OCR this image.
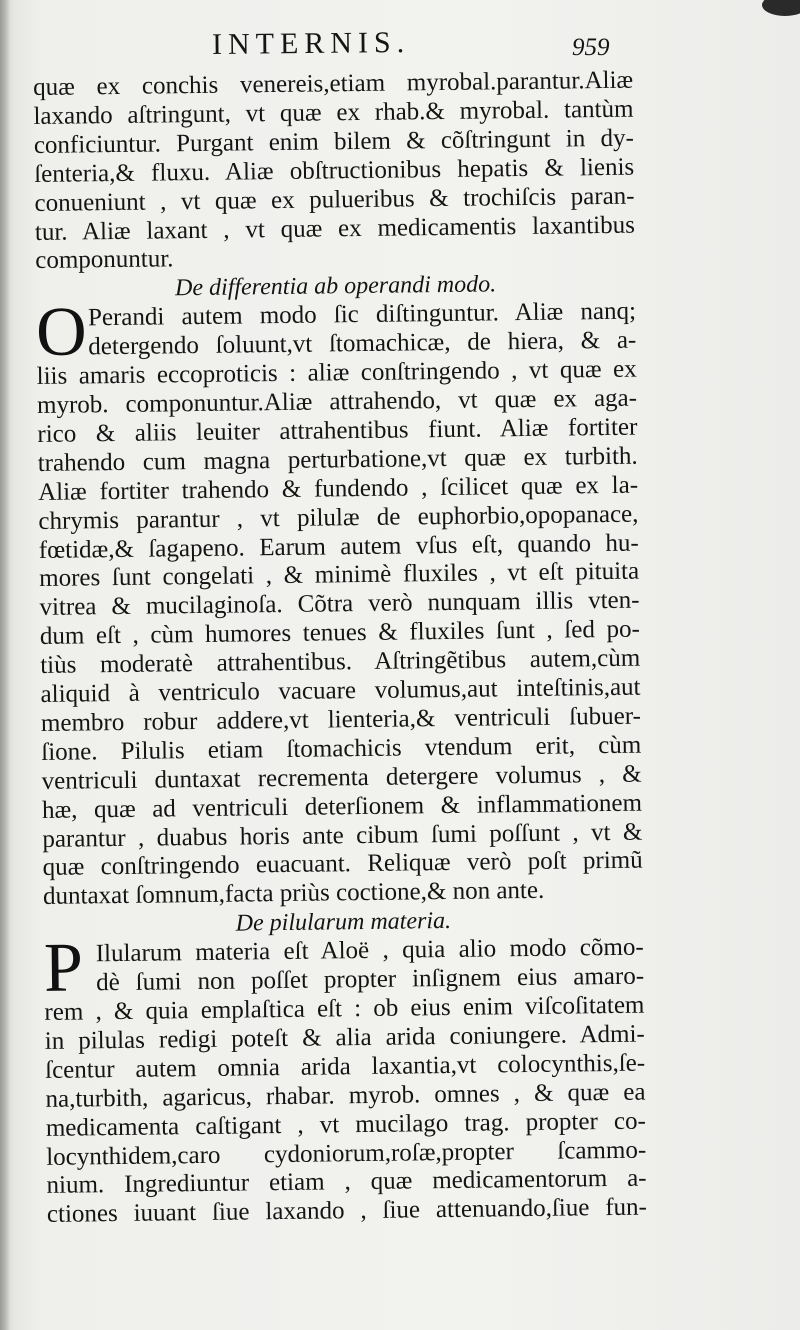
INTERNIS.	959
quæ ex conchis venereis,etiam myrobal.parantur.Aliæ
laxando aſtringunt, vt quæ ex rhab.& myrobal. tantùm
conficiuntur. Purgant enim bilem & cõſtringunt in dy-
ſenteria,& fluxu. Aliæ obſtructionibus hepatis & lienis
conueniunt , vt quæ ex pulueribus & trochiſcis paran-
tur. Aliæ laxant , vt quæ ex medicamentis laxantibus
componuntur.
De differentia ab operandi modo.
O Perandi autem modo ſic diſtinguntur. Aliæ nanq;
detergendo ſoluunt,vt ſtomachicæ, de hiera, & a-
liis amaris eccoproticis : aliæ conſtringendo , vt quæ ex
myrob. componuntur.Aliæ attrahendo, vt quæ ex aga-
rico & aliis leuiter attrahentibus fiunt. Aliæ fortiter
trahendo cum magna perturbatione,vt quæ ex turbith.
Aliæ fortiter trahendo & fundendo , ſcilicet quæ ex la-
chrymis parantur , vt pilulæ de euphorbio,opopanace,
fœtidæ,& ſagapeno. Earum autem vſus eſt, quando hu-
mores ſunt congelati , & minimè fluxiles , vt eſt pituita
vitrea & mucilaginoſa. Cõtra verò nunquam illis vten-
dum eſt , cùm humores tenues & fluxiles ſunt , ſed po-
tiùs moderatè attrahentibus. Aſtringẽtibus autem,cùm
aliquid à ventriculo vacuare volumus,aut inteſtinis,aut
membro robur addere,vt lienteria,& ventriculi ſubuer-
ſione. Pilulis etiam ſtomachicis vtendum erit, cùm
ventriculi duntaxat recrementa detergere volumus , &
hæ, quæ ad ventriculi deterſionem & inflammationem
parantur , duabus horis ante cibum ſumi poſſunt , vt &
quæ conſtringendo euacuant. Reliquæ verò poſt primũ
duntaxat ſomnum,facta priùs coctione,& non ante.
De pilularum materia.
P Ilularum materia eſt Aloë , quia alio modo cõmo-
dè ſumi non poſſet propter inſignem eius amaro-
rem , & quia emplaſtica eſt : ob eius enim viſcoſitatem
in pilulas redigi poteſt & alia arida coniungere. Admi-
ſcentur autem omnia arida laxantia,vt colocynthis,ſe-
na,turbith, agaricus, rhabar. myrob. omnes , & quæ ea
medicamenta caſtigant , vt mucilago trag. propter co-
locynthidem,caro cydoniorum,roſæ,propter ſcammo-
nium. Ingrediuntur etiam , quæ medicamentorum a-
ctiones iuuant ſiue laxando , ſiue attenuando,ſiue fun-
